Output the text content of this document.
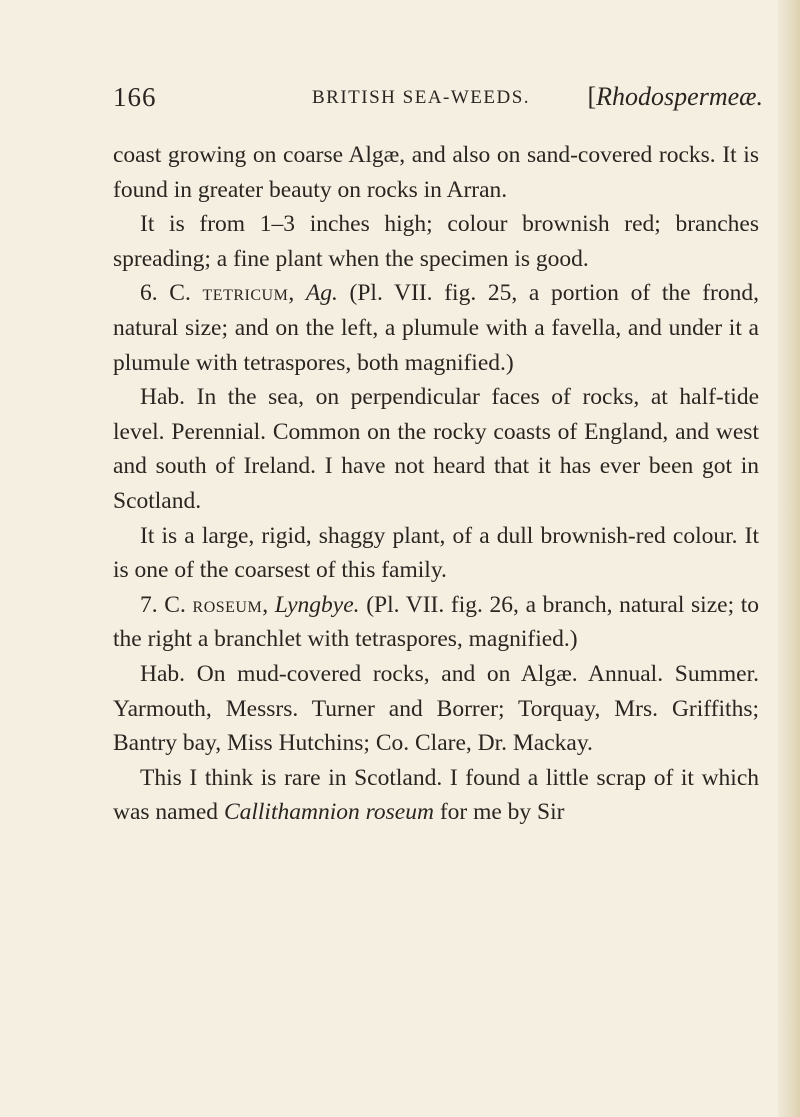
166	BRITISH SEA-WEEDS. [Rhodospermeæ.

coast growing on coarse Algæ, and also on sand-covered rocks. It is found in greater beauty on rocks in Arran.

It is from 1–3 inches high; colour brownish red; branches spreading; a fine plant when the specimen is good.

6. C. tetricum, Ag. (Pl. VII. fig. 25, a portion of the frond, natural size; and on the left, a plumule with a favella, and under it a plumule with tetraspores, both magnified.)

Hab. In the sea, on perpendicular faces of rocks, at half-tide level. Perennial. Common on the rocky coasts of England, and west and south of Ireland. I have not heard that it has ever been got in Scotland.

It is a large, rigid, shaggy plant, of a dull brownish-red colour. It is one of the coarsest of this family.

7. C. roseum, Lyngbye. (Pl. VII. fig. 26, a branch, natural size; to the right a branchlet with tetraspores, magnified.)

Hab. On mud-covered rocks, and on Algæ. Annual. Summer. Yarmouth, Messrs. Turner and Borrer; Torquay, Mrs. Griffiths; Bantry bay, Miss Hutchins; Co. Clare, Dr. Mackay.

This I think is rare in Scotland. I found a little scrap of it which was named Callithamnion roseum for me by Sir
